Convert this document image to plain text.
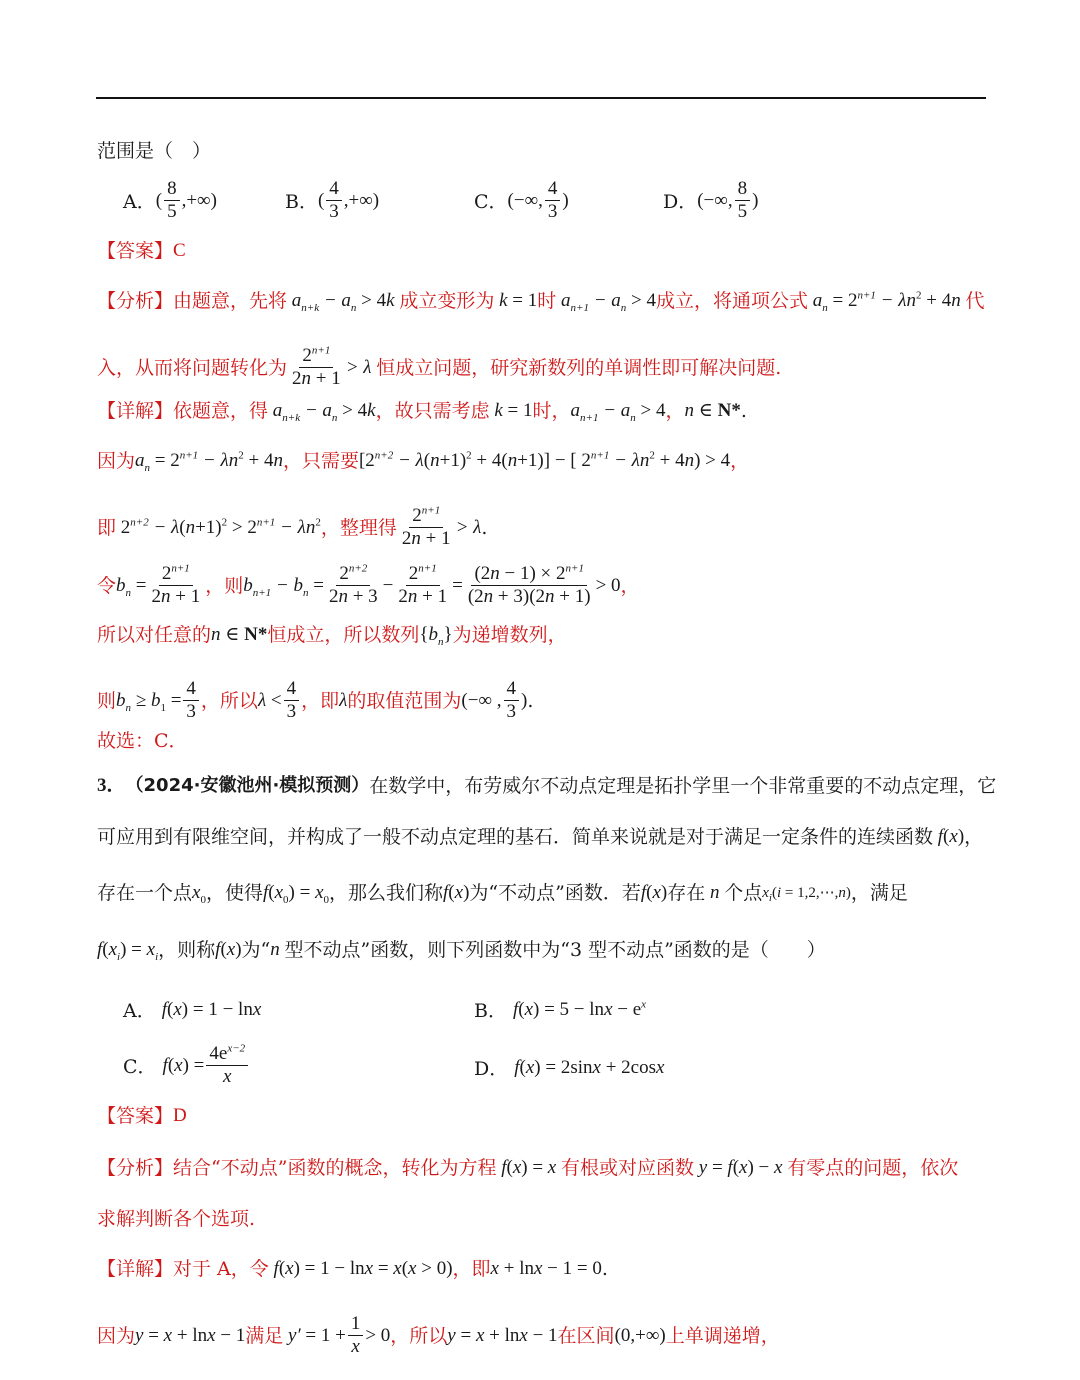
范围是（　）
A． ( $\frac{8}{5}$ ,+∞)	B． ( $\frac{4}{3}$ ,+∞)	C． (−∞, $\frac{4}{3}$ )	D． (−∞, $\frac{8}{5}$ )
【答案】 C
【分析】 由题意，先将 $a_{n+k} - a_n > 4k$ 成立变形为 k = 1 时 $a_{n+1} - a_n > 4$ 成立，将通项公式 $a_n = 2^{n+1} - \lambda n^2 + 4n$ 代
入，从而将问题转化为 $\frac{2^{n+1}}{2n + 1} > \lambda$ 恒成立问题，研究新数列的单调性即可解决问题.
【详解】 依题意，得 $a_{n+k} - a_n > 4k$ ，故只需考虑 k = 1 时， $a_{n+1} - a_n > 4$ ， n ∈ N* .
因为 $a_n = 2^{n+1} - \lambda n^2 + 4n$ ，只需要 $[2^{n+2} - \lambda(n+1)^2 + 4(n+1)]$ − [ $2^{n+1} - \lambda n^2 + 4n) > 4$ ，
即 $2^{n+2} - \lambda(n+1)^2 > 2^{n+1} - \lambda n^2$ ，整理得 $\frac{2^{n+1}}{2n + 1} > \lambda$ .
令 $b_n = \frac{2^{n+1}}{2n + 1}$ ，则 $b_{n+1} - b_n = \frac{2^{n+2}}{2n + 3} - \frac{2^{n+1}}{2n + 1} = \frac{(2n - 1) \times 2^{n+1}}{(2n + 3)(2n + 1)} > 0$ ，
所以对任意的 n ∈ N* 恒成立，所以数列 $\{b_n\}$ 为递增数列，
则 $b_n \ge b_1 = \frac{4}{3}$ ，所以 $\lambda < \frac{4}{3}$ ，即 λ 的取值范围为 (−∞ , $\frac{4}{3}$ ) .
故选：C．
3． （2024·安徽池州·模拟预测） 在数学中，布劳威尔不动点定理是拓扑学里一个非常重要的不动点定理，它
可应用到有限维空间，并构成了一般不动点定理的基石．简单来说就是对于满足一定条件的连续函数 f(x) ，
存在一个点 $x_0$ ，使得 $f(x_0) = x_0$ ，那么我们称 f(x) 为“不动点”函数．若 f(x) 存在 n 个点 $x_i(i$ = 1,2,⋯,n) ，满足
$f(x_i) = x_i$ ，则称 f(x) 为“ n 型不动点”函数，则下列函数中为“3 型不动点”函数的是（　　）
A． f(x) = 1 − lnx	B． $f(x) = 5 - \ln x - e^x$
C． $f(x) = \frac{4e^{x-2}}{x}$	D． f(x) = 2sinx + 2cosx
【答案】 D
【分析】 结合“不动点”函数的概念，转化为方程 f(x) = x 有根或对应函数 y = f(x) − x 有零点的问题，依次
求解判断各个选项.
【详解】 对于 A，令 f(x) = 1 − lnx = x(x > 0) ，即 x + lnx − 1 = 0 .
因为 y = x + lnx − 1 满足 $y' = 1 + \frac{1}{x} > 0$ ，所以 y = x + lnx − 1 在区间 (0,+∞) 上单调递增，
